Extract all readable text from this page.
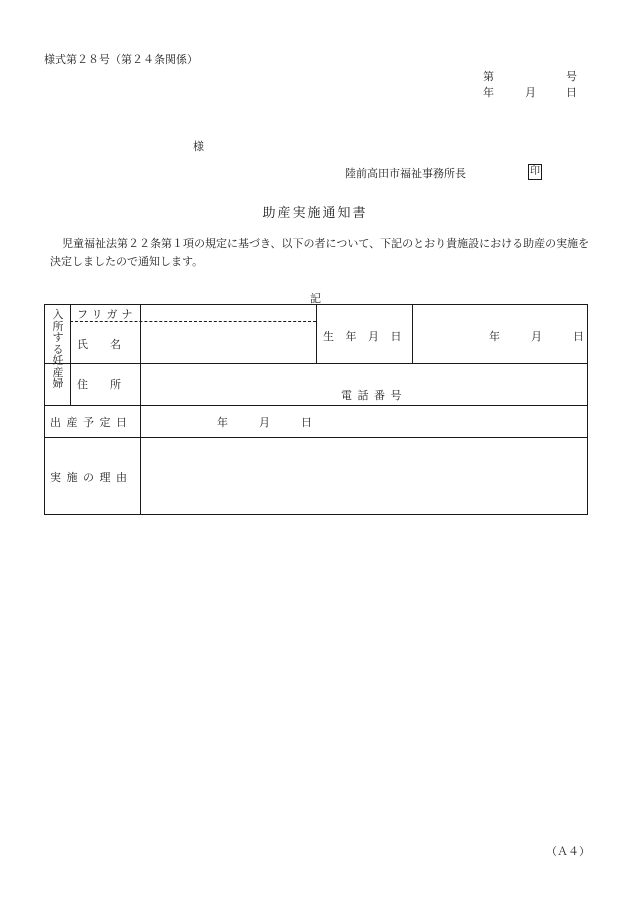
様式第２８号（第２４条関係）
第	号
年	月	日
様
陸前高田市福祉事務所長	印
助産実施通知書
児童福祉法第２２条第１項の規定に基づき、以下の者について、下記のとおり貴施設における助産の実施を決定しましたので通知します。
記
入
所
す
る
妊
産
婦
フリガナ
氏　　名
生 年 月 日	年	月	日
住　　所
電 話 番 号
出 産 予 定 日	年	月	日
実 施 の 理 由
（Ａ４）
